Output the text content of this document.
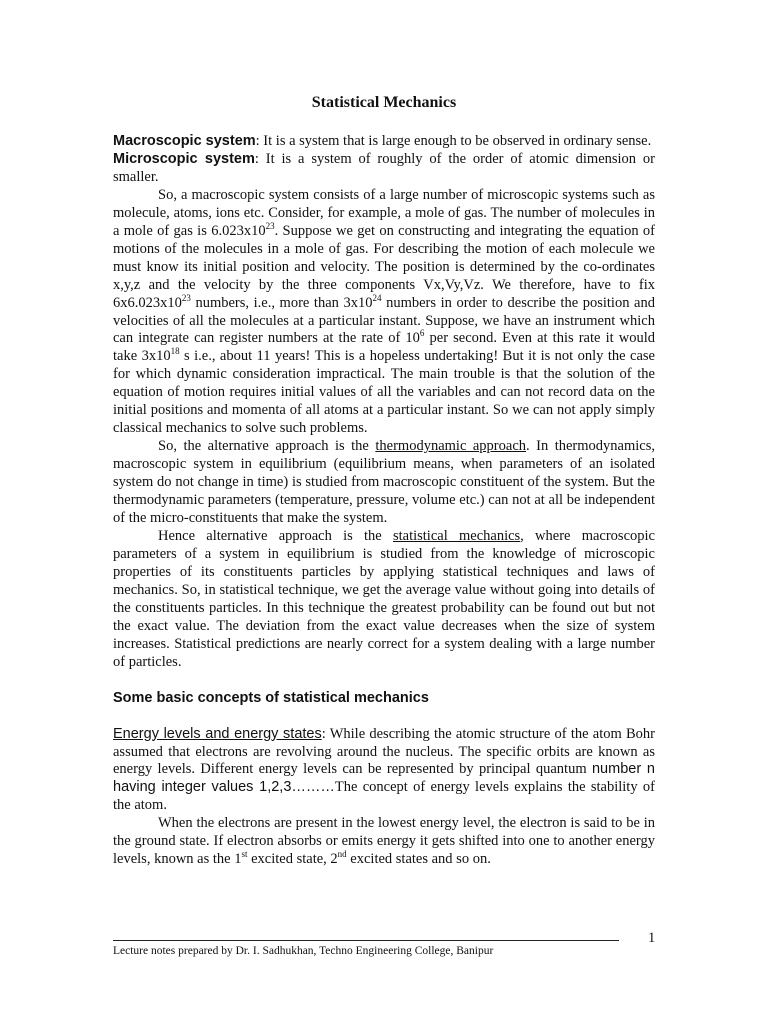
Statistical Mechanics

Macroscopic system: It is a system that is large enough to be observed in ordinary sense.

Microscopic system: It is a system of roughly of the order of atomic dimension or smaller.

So, a macroscopic system consists of a large number of microscopic systems such as molecule, atoms, ions etc. Consider, for example, a mole of gas. The number of molecules in a mole of gas is $6.023x10^{23}$. Suppose we get on constructing and integrating the equation of motions of the molecules in a mole of gas. For describing the motion of each molecule we must know its initial position and velocity. The position is determined by the co-ordinates x,y,z and the velocity by the three components Vx,Vy,Vz. We therefore, have to fix $6x6.023x10^{23}$ numbers, i.e., more than $3x10^{24}$ numbers in order to describe the position and velocities of all the molecules at a particular instant. Suppose, we have an instrument which can integrate can register numbers at the rate of $10^6$ per second. Even at this rate it would take $3x10^{18}$ s i.e., about 11 years! This is a hopeless undertaking! But it is not only the case for which dynamic consideration impractical. The main trouble is that the solution of the equation of motion requires initial values of all the variables and can not record data on the initial positions and momenta of all atoms at a particular instant. So we can not apply simply classical mechanics to solve such problems.

So, the alternative approach is the thermodynamic approach. In thermodynamics, macroscopic system in equilibrium (equilibrium means, when parameters of an isolated system do not change in time) is studied from macroscopic constituent of the system. But the thermodynamic parameters (temperature, pressure, volume etc.) can not at all be independent of the micro-constituents that make the system.

Hence alternative approach is the statistical mechanics, where macroscopic parameters of a system in equilibrium is studied from the knowledge of microscopic properties of its constituents particles by applying statistical techniques and laws of mechanics. So, in statistical technique, we get the average value without going into details of the constituents particles. In this technique the greatest probability can be found out but not the exact value. The deviation from the exact value decreases when the size of system increases. Statistical predictions are nearly correct for a system dealing with a large number of particles.

Some basic concepts of statistical mechanics

Energy levels and energy states: While describing the atomic structure of the atom Bohr assumed that electrons are revolving around the nucleus. The specific orbits are known as energy levels. Different energy levels can be represented by principal quantum number n having integer values 1,2,3………The concept of energy levels explains the stability of the atom.

When the electrons are present in the lowest energy level, the electron is said to be in the ground state. If electron absorbs or emits energy it gets shifted into one to another energy levels, known as the 1st excited state, 2nd excited states and so on.

1
Lecture notes prepared by Dr. I. Sadhukhan, Techno Engineering College, Banipur
